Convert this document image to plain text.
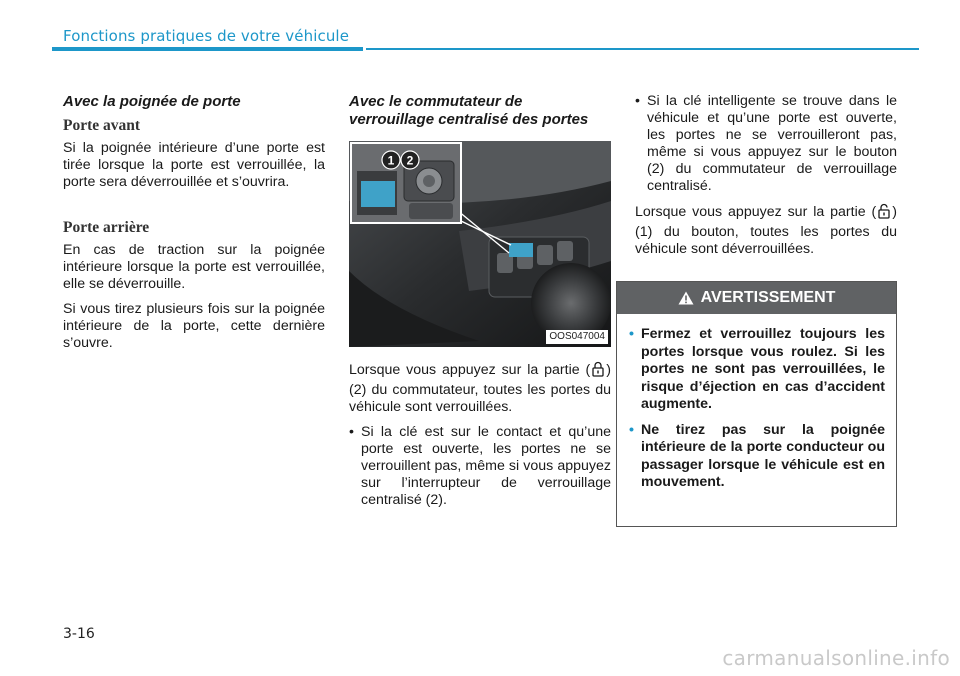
Fonctions pratiques de votre véhicule
Avec la poignée de porte
Porte avant

Si la poignée intérieure d’une porte est tirée lorsque la porte est verrouillée, la porte sera déverrouillée et s’ouvrira.

Porte arrière

En cas de traction sur la poignée intérieure lorsque la porte est verrouillée, elle se déverrouille.

Si vous tirez plusieurs fois sur la poignée intérieure de la porte, cette dernière s’ouvre.

Avec le commutateur de verrouillage centralisé des portes
1 2
OOS047004

Lorsque vous appuyez sur la partie ( ) (2) du commutateur, toutes les portes du véhicule sont verrouillées.

• Si la clé est sur le contact et qu’une porte est ouverte, les portes ne se verrouillent pas, même si vous appuyez sur l’interrupteur de verrouillage centralisé (2).
• Si la clé intelligente se trouve dans le véhicule et qu’une porte est ouverte, les portes ne se verrouilleront pas, même si vous appuyez sur le bouton (2) du commutateur de verrouillage centralisé.

Lorsque vous appuyez sur la partie ( ) (1) du bouton, toutes les portes du véhicule sont déverrouillées.

AVERTISSEMENT
• Fermez et verrouillez toujours les portes lorsque vous roulez. Si les portes ne sont pas verrouillées, le risque d’éjection en cas d’accident augmente.
• Ne tirez pas sur la poignée intérieure de la porte conducteur ou passager lorsque le véhicule est en mouvement.
3-16
carmanualsonline.info
